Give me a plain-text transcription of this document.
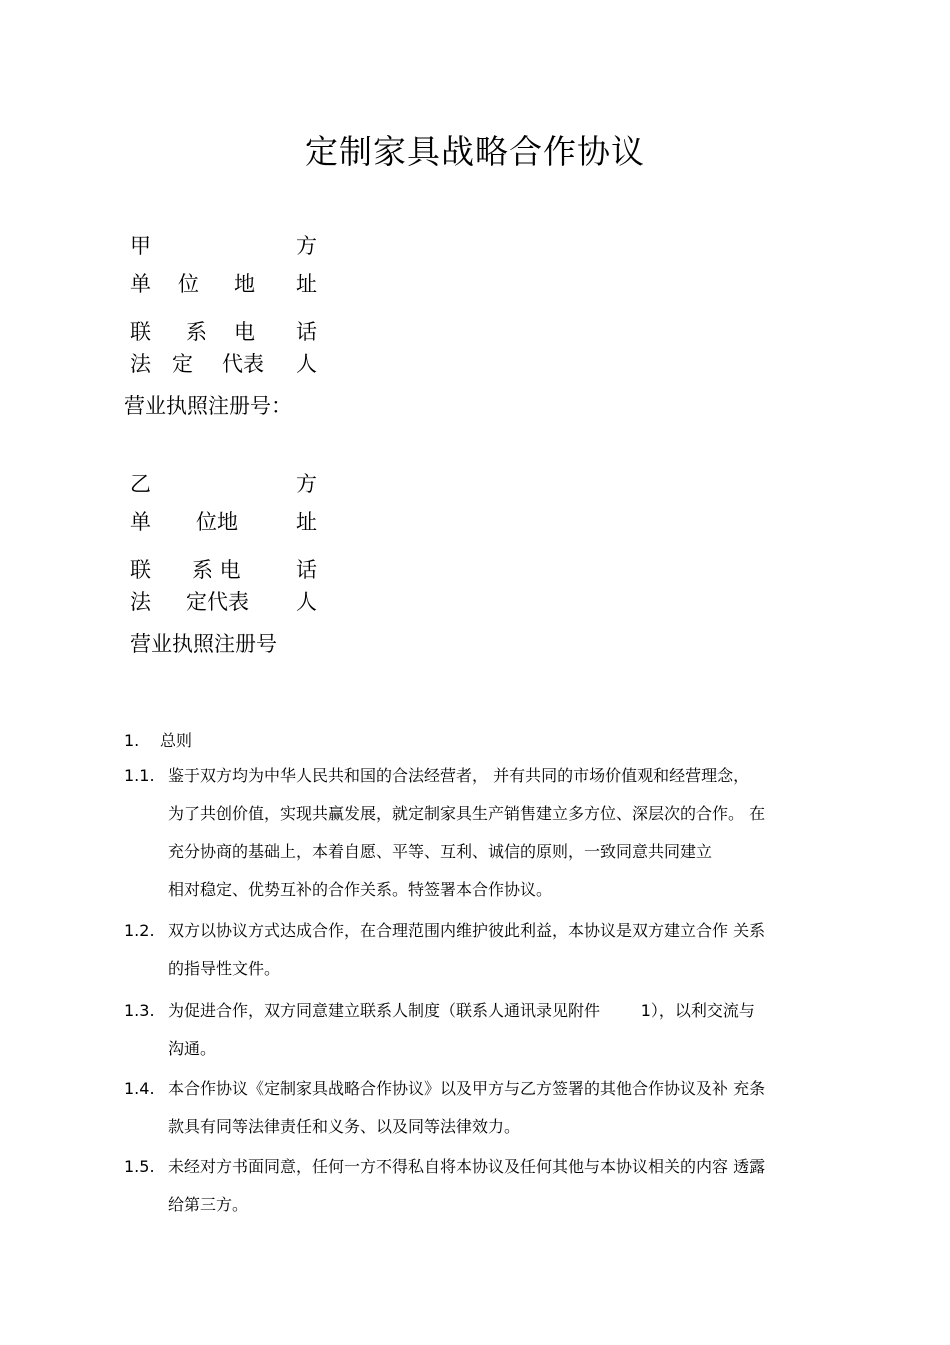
定制家具战略合作协议
甲	方
单 位 地 址
联 系 电 话
法 定 代表 人
营业执照注册号：
乙	方
单 位地	址
联 系 电	话
法 定代表 人
营业执照注册号
1. 总则
1.1. 鉴于双方均为中华人民共和国的合法经营者， 并有共同的市场价值观和经营理念，
为了共创价值，实现共赢发展，就定制家具生产销售建立多方位、深层次的合作。 在
充分协商的基础上，本着自愿、平等、互利、诚信的原则，一致同意共同建立
相对稳定、优势互补的合作关系。特签署本合作协议。
1.2. 双方以协议方式达成合作，在合理范围内维护彼此利益，本协议是双方建立合作 关系
的指导性文件。
1.3. 为促进合作，双方同意建立联系人制度（联系人通讯录见附件        1），以利交流与
沟通。
1.4. 本合作协议《定制家具战略合作协议》以及甲方与乙方签署的其他合作协议及补 充条
款具有同等法律责任和义务、以及同等法律效力。
1.5. 未经对方书面同意，任何一方不得私自将本协议及任何其他与本协议相关的内容 透露
给第三方。
